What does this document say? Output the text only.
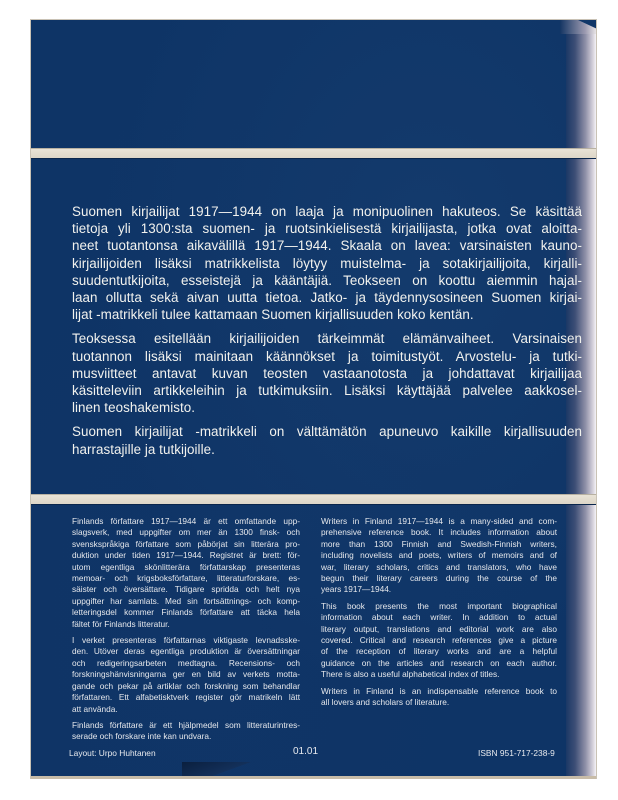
Suomen kirjailijat 1917—1944 on laaja ja monipuolinen hakuteos. Se käsittää
tietoja yli 1300:sta suomen- ja ruotsinkielisestä kirjailijasta, jotka ovat aloitta-
neet tuotantonsa aikavälillä 1917—1944. Skaala on lavea: varsinaisten kauno-
kirjailijoiden lisäksi matrikkelista löytyy muistelma- ja sotakirjailijoita, kirjalli-
suudentutkijoita, esseistejä ja kääntäjiä. Teokseen on koottu aiemmin hajal-
laan ollutta sekä aivan uutta tietoa. Jatko- ja täydennysosineen Suomen kirjai-
lijat -matrikkeli tulee kattamaan Suomen kirjallisuuden koko kentän.
Teoksessa esitellään kirjailijoiden tärkeimmät elämänvaiheet. Varsinaisen
tuotannon lisäksi mainitaan käännökset ja toimitustyöt. Arvostelu- ja tutki-
musviitteet antavat kuvan teosten vastaanotosta ja johdattavat kirjailijaa
käsitteleviin artikkeleihin ja tutkimuksiin. Lisäksi käyttäjää palvelee aakkosel-
linen teoshakemisto.
Suomen kirjailijat -matrikkeli on välttämätön apuneuvo kaikille kirjallisuuden
harrastajille ja tutkijoille.
Finlands författare 1917—1944 är ett omfattande upp-
slagsverk, med uppgifter om mer än 1300 finsk- och
svenskspråkiga författare som påbörjat sin litterära pro-
duktion under tiden 1917—1944. Registret är brett: för-
utom egentliga skönlitterära författarskap presenteras
memoar- och krigsboksförfattare, litteraturforskare, es-
säister och översättare. Tidigare spridda och helt nya
uppgifter har samlats. Med sin fortsättnings- och komp-
letteringsdel kommer Finlands författare att täcka hela
fältet för Finlands litteratur.
I verket presenteras författarnas viktigaste levnadsske-
den. Utöver deras egentliga produktion är översättningar
och redigeringsarbeten medtagna. Recensions- och
forskningshänvisningarna ger en bild av verkets motta-
gande och pekar på artiklar och forskning som behandlar
författaren. Ett alfabetisktverk register gör matrikeln lätt
att använda.
Finlands författare är ett hjälpmedel som litteraturintres-
serade och forskare inte kan undvara.
Writers in Finland 1917—1944 is a many-sided and com-
prehensive reference book. It includes information about
more than 1300 Finnish and Swedish-Finnish writers,
including novelists and poets, writers of memoirs and of
war, literary scholars, critics and translators, who have
begun their literary careers during the course of the
years 1917—1944.
This book presents the most important biographical
information about each writer. In addition to actual
literary output, translations and editorial work are also
covered. Critical and research references give a picture
of the reception of literary works and are a helpful
guidance on the articles and research on each author.
There is also a useful alphabetical index of titles.
Writers in Finland is an indispensable reference book to
all lovers and scholars of literature.
Layout: Urpo Huhtanen	01.01	ISBN 951-717-238-9
